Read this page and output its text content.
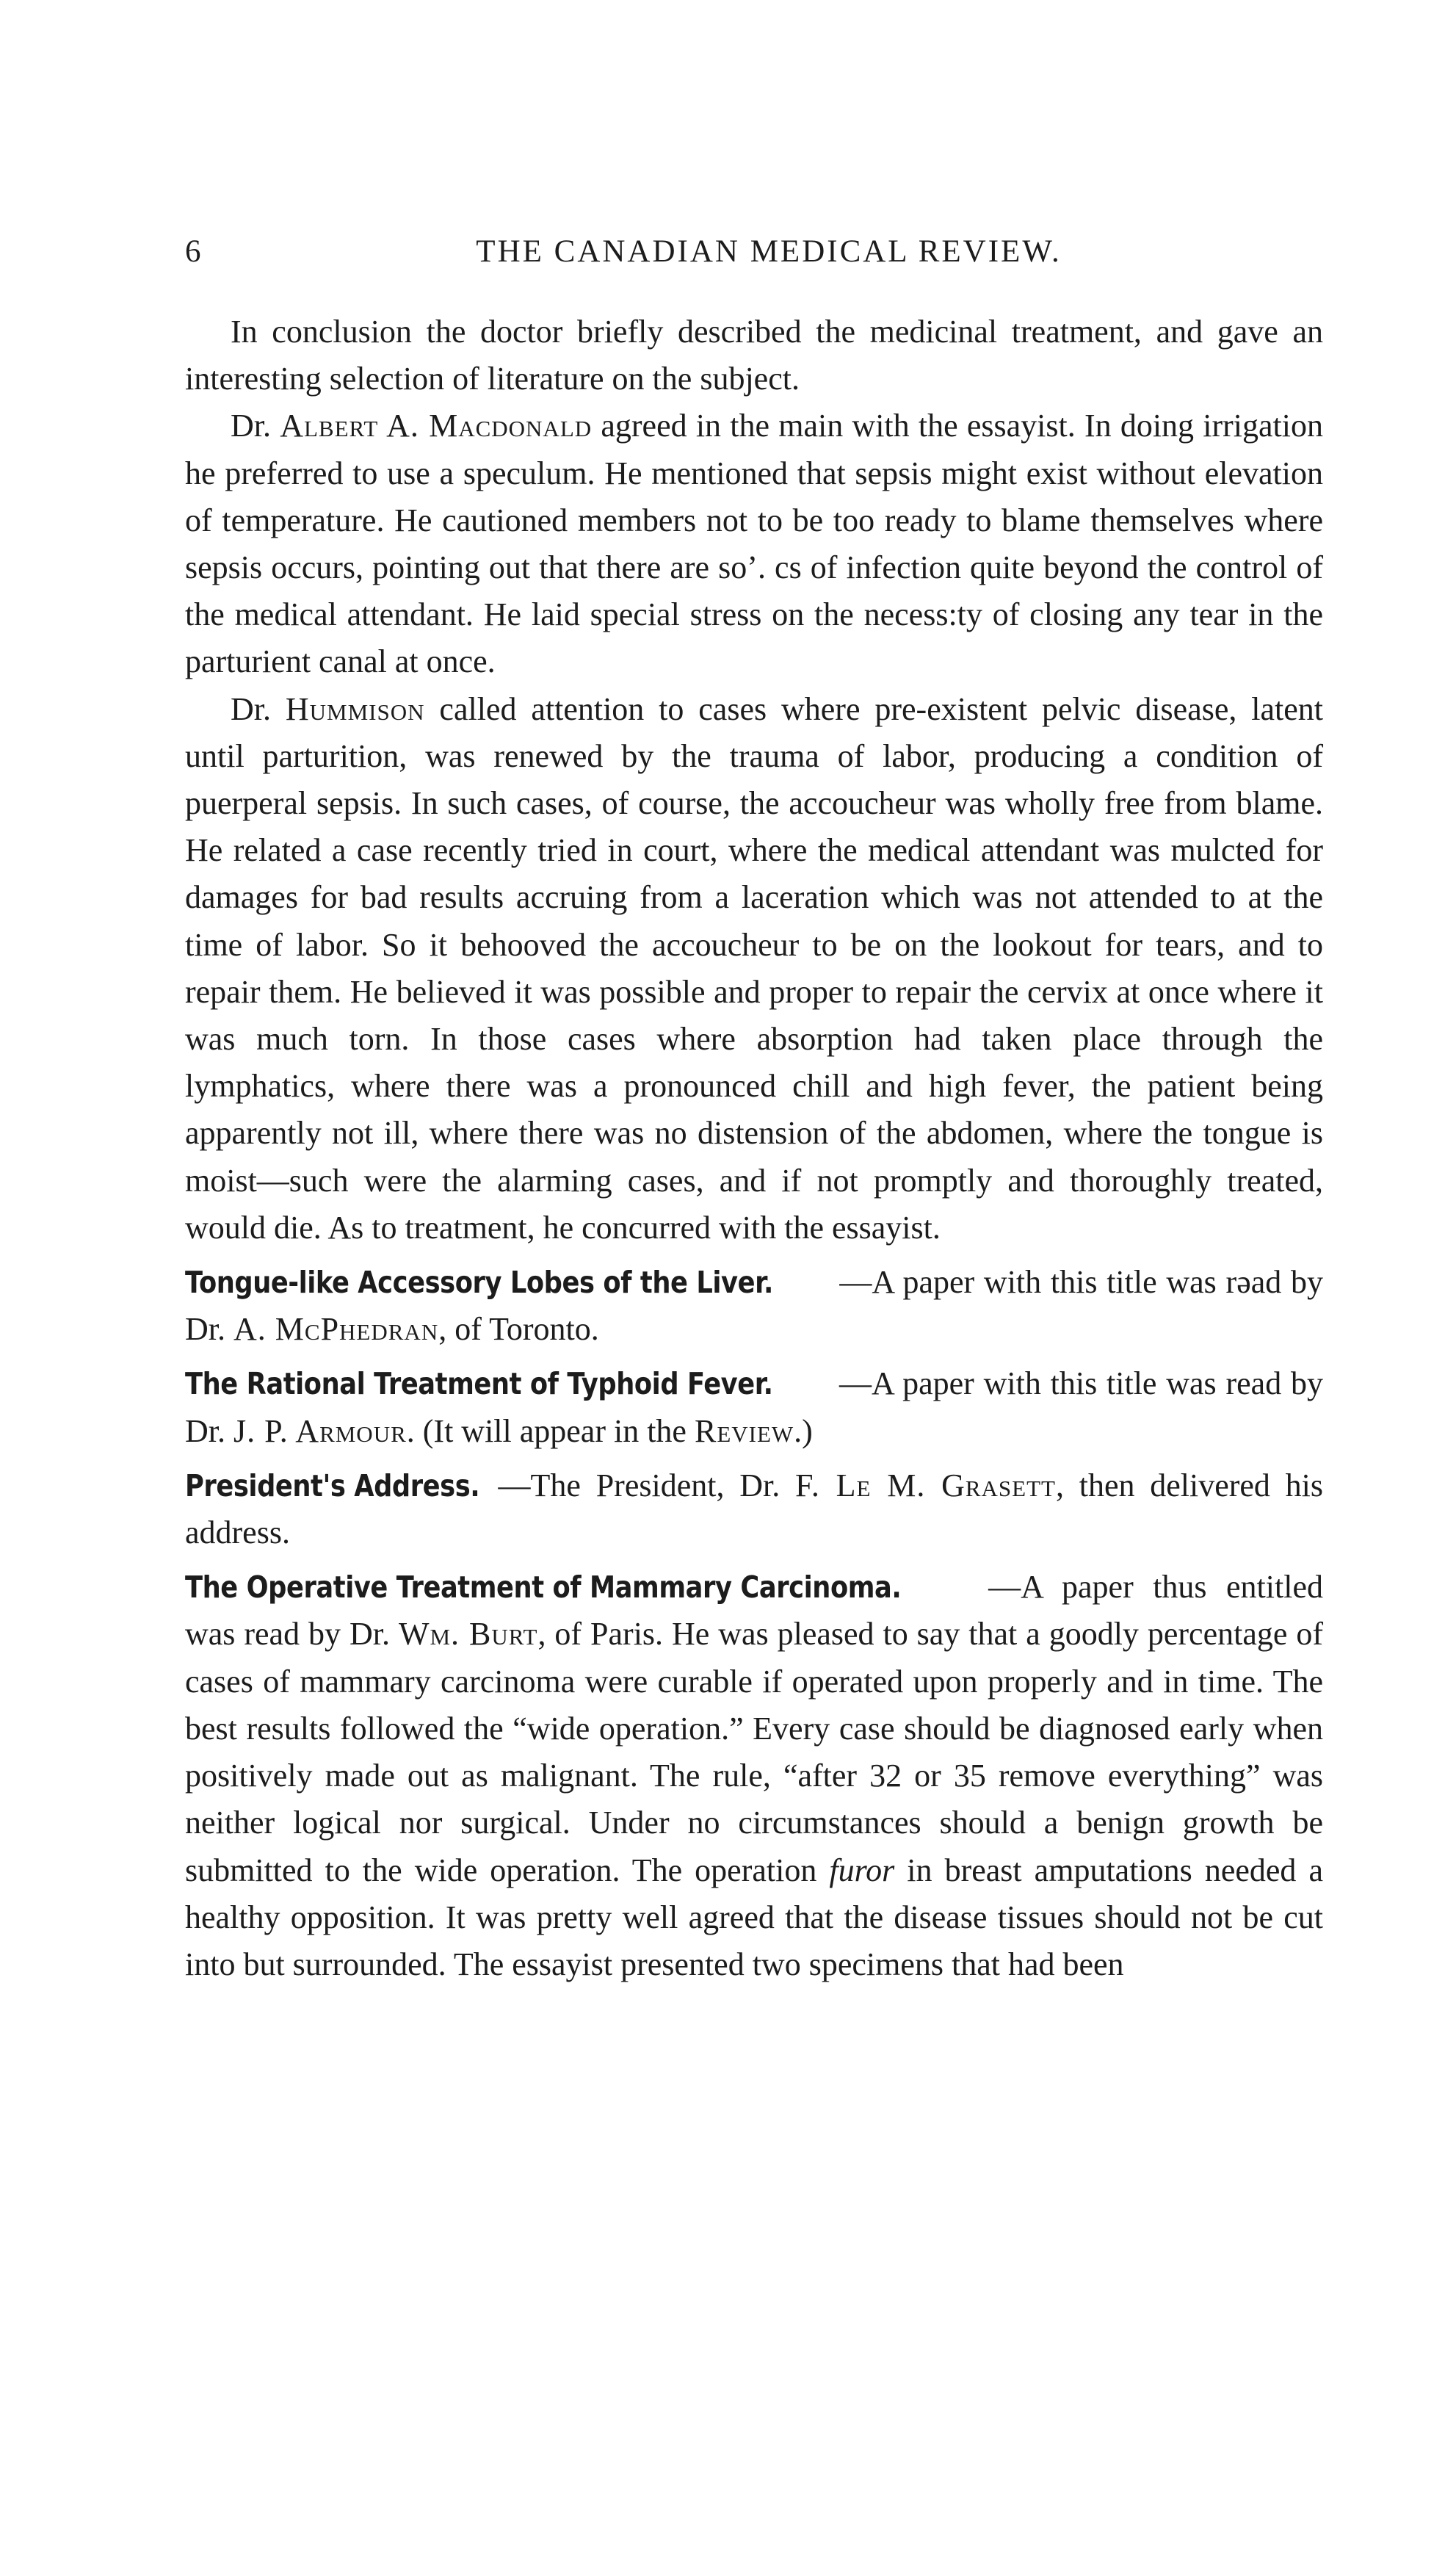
6	THE CANADIAN MEDICAL REVIEW.

In conclusion the doctor briefly described the medicinal treatment, and gave an interesting selection of literature on the subject.

Dr. Albert A. Macdonald agreed in the main with the essayist. In doing irrigation he preferred to use a speculum. He mentioned that sepsis might exist without elevation of temperature. He cautioned members not to be too ready to blame themselves where sepsis occurs, pointing out that there are soʼ. сѕ of infection quite beyond the control of the medical attendant. He laid special stress on the necess:ty of closing any tear in the parturient canal at once.

Dr. Hummison called attention to cases where pre-existent pelvic disease, latent until parturition, was renewed by the trauma of labor, producing a condition of puerperal sepsis. In such cases, of course, the accoucheur was wholly free from blame. He related a case recently tried in court, where the medical attendant was mulcted for damages for bad results accruing from a laceration which was not attended to at the time of labor. So it behooved the accoucheur to be on the lookout for tears, and to repair them. He believed it was possible and proper to repair the cervix at once where it was much torn. In those cases where absorption had taken place through the lymphatics, where there was a pronounced chill and high fever, the patient being apparently not ill, where there was no distension of the abdomen, where the tongue is moist—such were the alarming cases, and if not promptly and thoroughly treated, would die. As to treatment, he concurred with the essayist.

Tongue-like Accessory Lobes of the Liver. —A paper with this title was rəad by Dr. A. McPhedran, of Toronto.

The Rational Treatment of Typhoid Fever. —A paper with this title was read by Dr. J. P. Armour. (It will appear in the Review.)

President's Address. —The President, Dr. F. Le M. Grasett, then delivered his address.

The Operative Treatment of Mammary Carcinoma.	—A paper thus entitled was read by Dr. Wm. Burt, of Paris. He was pleased to say that a goodly percentage of cases of mammary carcinoma were curable if operated upon properly and in time. The best results followed the “wide operation.” Every case should be diagnosed early when positively made out as malignant. The rule, “after 32 or 35 remove everything” was neither logical nor surgical. Under no circumstances should a benign growth be submitted to the wide operation. The operation furor in breast amputations needed a healthy opposition. It was pretty well agreed that the disease tissues should not be cut into but surrounded. The essayist presented two specimens that had been
